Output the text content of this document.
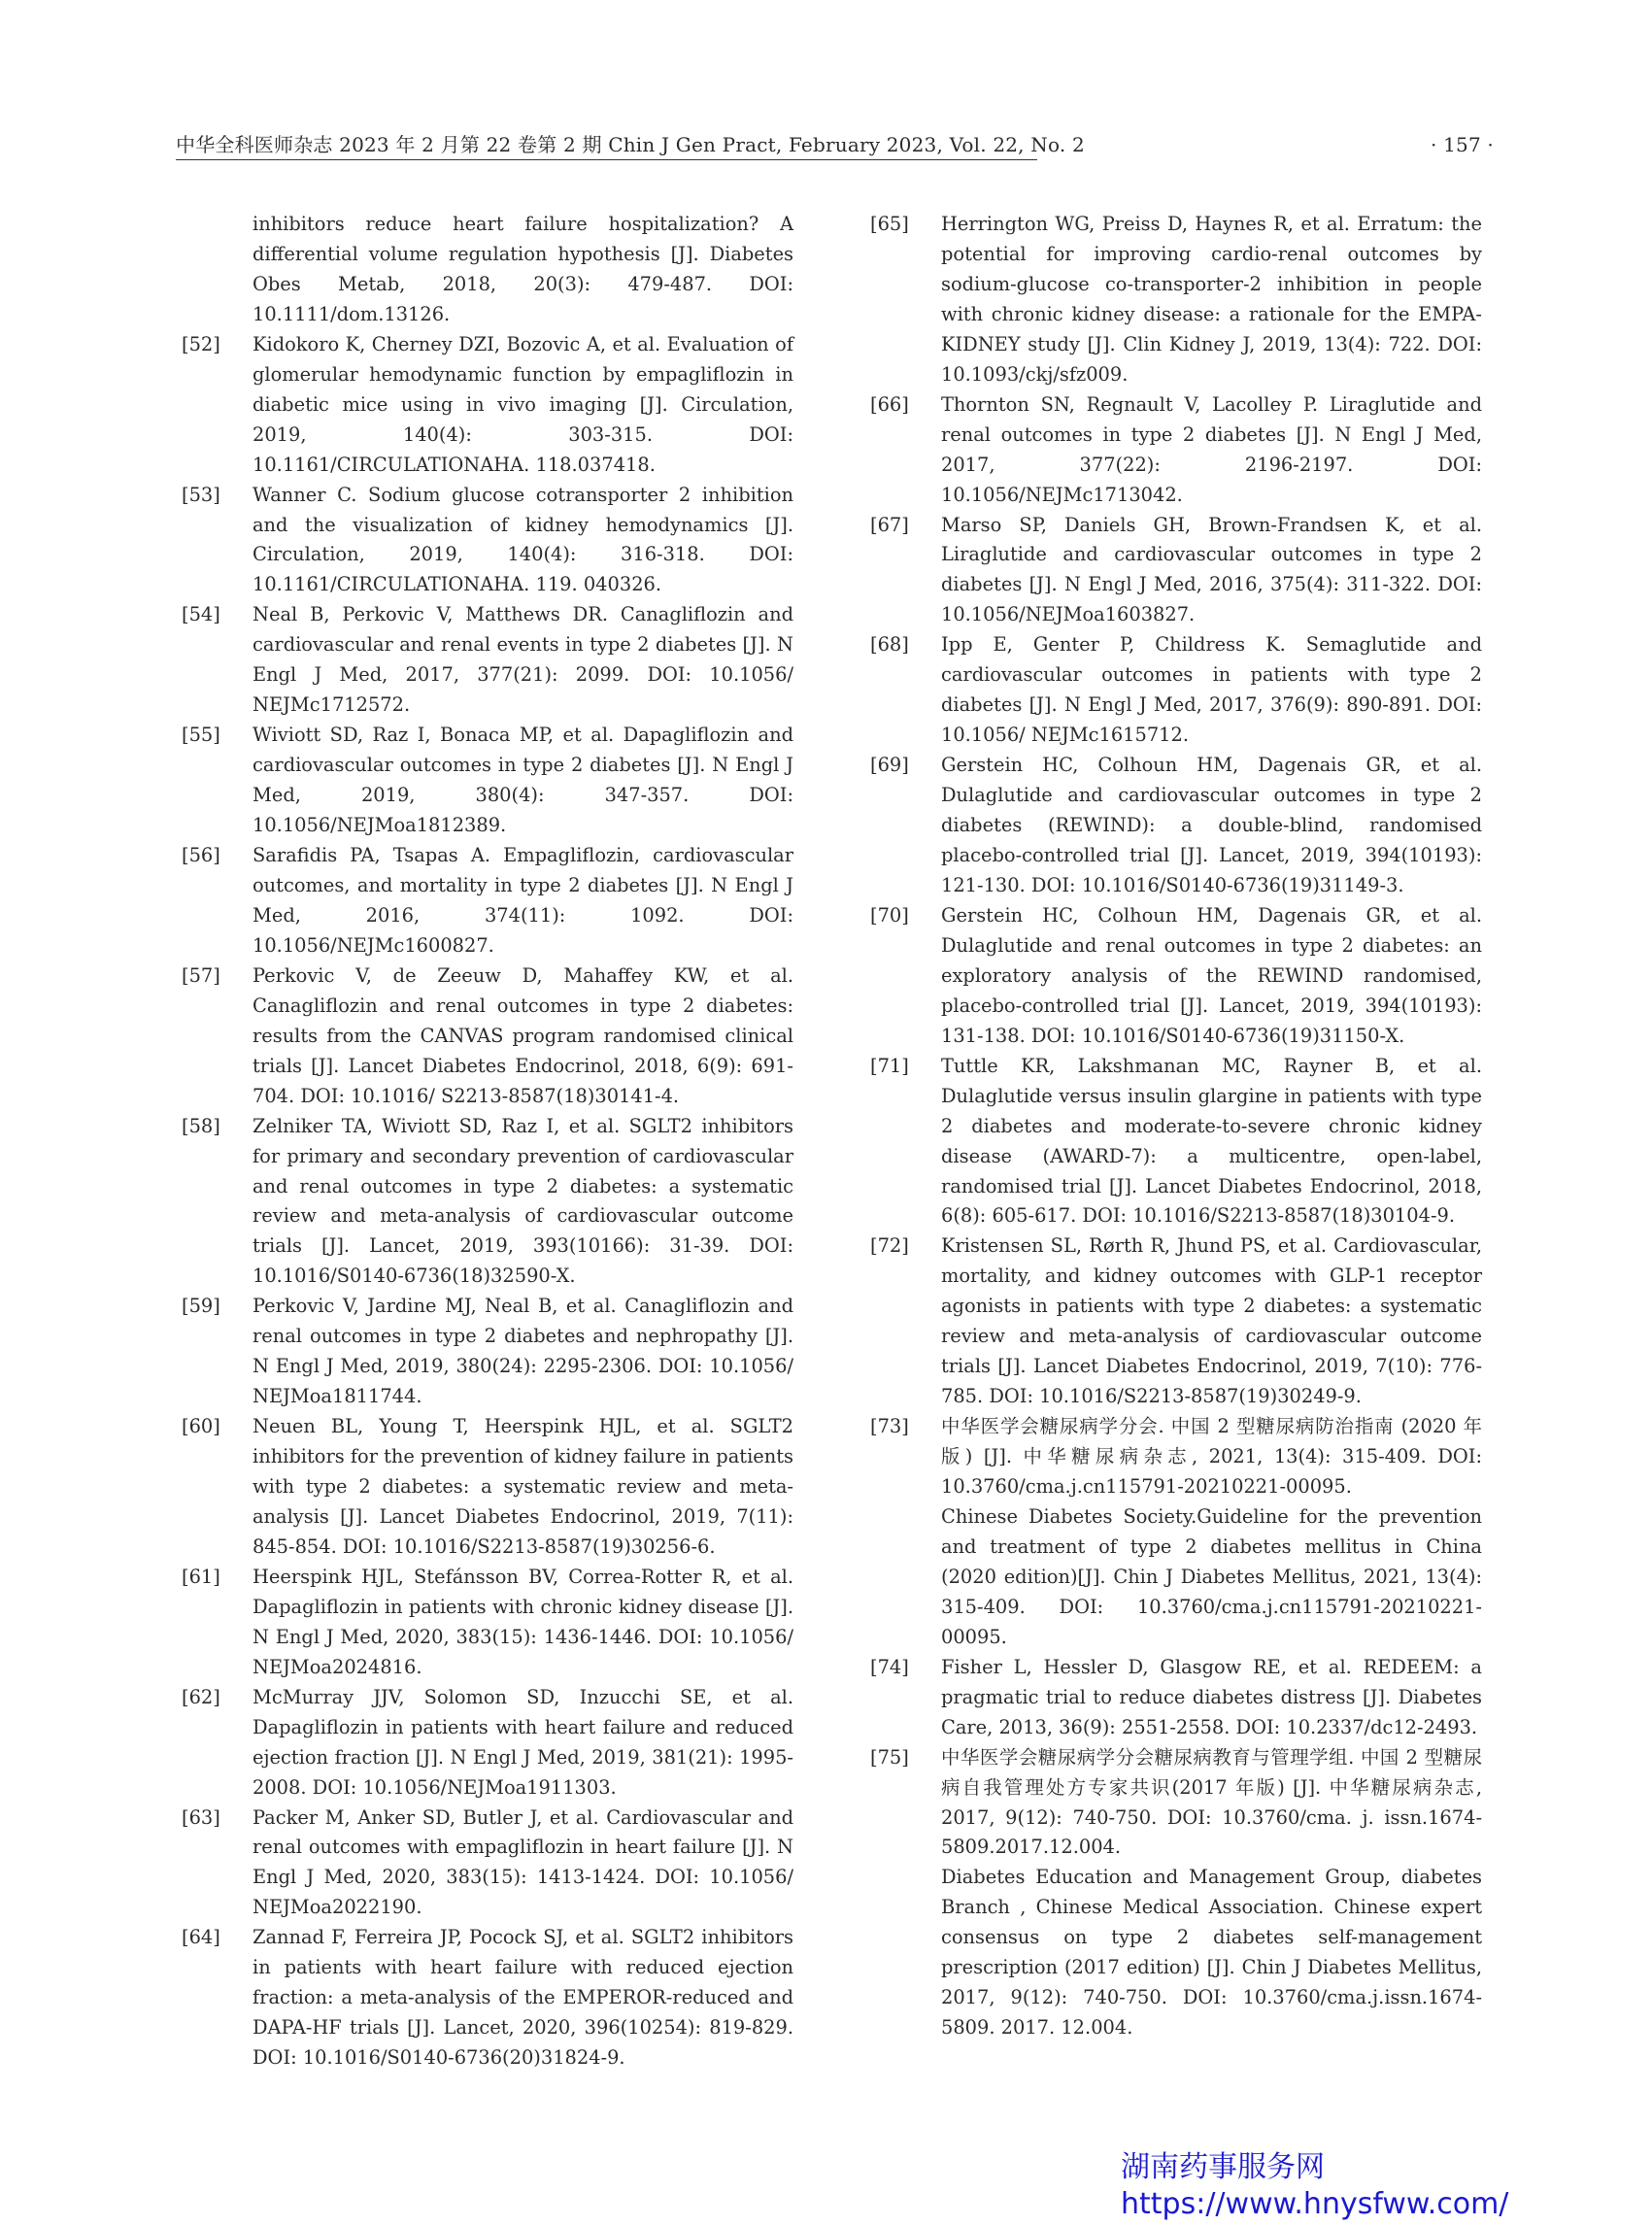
中华全科医师杂志 2023 年 2 月第 22 卷第 2 期 Chin J Gen Pract, February 2023, Vol. 22, No. 2	· 157 ·
inhibitors reduce heart failure hospitalization? A differential volume regulation hypothesis [J]. Diabetes Obes Metab, 2018, 20(3): 479-487. DOI: 10.1111/dom.13126.
[52] Kidokoro K, Cherney DZI, Bozovic A, et al. Evaluation of glomerular hemodynamic function by empagliflozin in diabetic mice using in vivo imaging [J]. Circulation, 2019, 140(4): 303-315. DOI: 10.1161/CIRCULATIONAHA. 118.037418.
[53] Wanner C. Sodium glucose cotransporter 2 inhibition and the visualization of kidney hemodynamics [J]. Circulation, 2019, 140(4): 316-318. DOI: 10.1161/CIRCULATIONAHA. 119. 040326.
[54] Neal B, Perkovic V, Matthews DR. Canagliflozin and cardiovascular and renal events in type 2 diabetes [J]. N Engl J Med, 2017, 377(21): 2099. DOI: 10.1056/ NEJMc1712572.
[55] Wiviott SD, Raz I, Bonaca MP, et al. Dapagliflozin and cardiovascular outcomes in type 2 diabetes [J]. N Engl J Med, 2019, 380(4): 347-357. DOI: 10.1056/NEJMoa1812389.
[56] Sarafidis PA, Tsapas A. Empagliflozin, cardiovascular outcomes, and mortality in type 2 diabetes [J]. N Engl J Med, 2016, 374(11): 1092. DOI: 10.1056/NEJMc1600827.
[57] Perkovic V, de Zeeuw D, Mahaffey KW, et al. Canagliflozin and renal outcomes in type 2 diabetes: results from the CANVAS program randomised clinical trials [J]. Lancet Diabetes Endocrinol, 2018, 6(9): 691-704. DOI: 10.1016/ S2213-8587(18)30141-4.
[58] Zelniker TA, Wiviott SD, Raz I, et al. SGLT2 inhibitors for primary and secondary prevention of cardiovascular and renal outcomes in type 2 diabetes: a systematic review and meta-analysis of cardiovascular outcome trials [J]. Lancet, 2019, 393(10166): 31-39. DOI: 10.1016/S0140-6736(18)32590-X.
[59] Perkovic V, Jardine MJ, Neal B, et al. Canagliflozin and renal outcomes in type 2 diabetes and nephropathy [J]. N Engl J Med, 2019, 380(24): 2295-2306. DOI: 10.1056/ NEJMoa1811744.
[60] Neuen BL, Young T, Heerspink HJL, et al. SGLT2 inhibitors for the prevention of kidney failure in patients with type 2 diabetes: a systematic review and meta-analysis [J]. Lancet Diabetes Endocrinol, 2019, 7(11): 845-854. DOI: 10.1016/S2213-8587(19)30256-6.
[61] Heerspink HJL, Stefánsson BV, Correa-Rotter R, et al. Dapagliflozin in patients with chronic kidney disease [J]. N Engl J Med, 2020, 383(15): 1436-1446. DOI: 10.1056/ NEJMoa2024816.
[62] McMurray JJV, Solomon SD, Inzucchi SE, et al. Dapagliflozin in patients with heart failure and reduced ejection fraction [J]. N Engl J Med, 2019, 381(21): 1995-2008. DOI: 10.1056/NEJMoa1911303.
[63] Packer M, Anker SD, Butler J, et al. Cardiovascular and renal outcomes with empagliflozin in heart failure [J]. N Engl J Med, 2020, 383(15): 1413-1424. DOI: 10.1056/ NEJMoa2022190.
[64] Zannad F, Ferreira JP, Pocock SJ, et al. SGLT2 inhibitors in patients with heart failure with reduced ejection fraction: a meta-analysis of the EMPEROR-reduced and DAPA-HF trials [J]. Lancet, 2020, 396(10254): 819-829. DOI: 10.1016/S0140-6736(20)31824-9.
[65] Herrington WG, Preiss D, Haynes R, et al. Erratum: the potential for improving cardio-renal outcomes by sodium-glucose co-transporter-2 inhibition in people with chronic kidney disease: a rationale for the EMPA-KIDNEY study [J]. Clin Kidney J, 2019, 13(4): 722. DOI: 10.1093/ckj/sfz009.
[66] Thornton SN, Regnault V, Lacolley P. Liraglutide and renal outcomes in type 2 diabetes [J]. N Engl J Med, 2017, 377(22): 2196-2197. DOI: 10.1056/NEJMc1713042.
[67] Marso SP, Daniels GH, Brown-Frandsen K, et al. Liraglutide and cardiovascular outcomes in type 2 diabetes [J]. N Engl J Med, 2016, 375(4): 311-322. DOI: 10.1056/NEJMoa1603827.
[68] Ipp E, Genter P, Childress K. Semaglutide and cardiovascular outcomes in patients with type 2 diabetes [J]. N Engl J Med, 2017, 376(9): 890-891. DOI: 10.1056/ NEJMc1615712.
[69] Gerstein HC, Colhoun HM, Dagenais GR, et al. Dulaglutide and cardiovascular outcomes in type 2 diabetes (REWIND): a double-blind, randomised placebo-controlled trial [J]. Lancet, 2019, 394(10193): 121-130. DOI: 10.1016/S0140-6736(19)31149-3.
[70] Gerstein HC, Colhoun HM, Dagenais GR, et al. Dulaglutide and renal outcomes in type 2 diabetes: an exploratory analysis of the REWIND randomised, placebo-controlled trial [J]. Lancet, 2019, 394(10193): 131-138. DOI: 10.1016/S0140-6736(19)31150-X.
[71] Tuttle KR, Lakshmanan MC, Rayner B, et al. Dulaglutide versus insulin glargine in patients with type 2 diabetes and moderate-to-severe chronic kidney disease (AWARD-7): a multicentre, open-label, randomised trial [J]. Lancet Diabetes Endocrinol, 2018, 6(8): 605-617. DOI: 10.1016/S2213-8587(18)30104-9.
[72] Kristensen SL, Rørth R, Jhund PS, et al. Cardiovascular, mortality, and kidney outcomes with GLP-1 receptor agonists in patients with type 2 diabetes: a systematic review and meta-analysis of cardiovascular outcome trials [J]. Lancet Diabetes Endocrinol, 2019, 7(10): 776-785. DOI: 10.1016/S2213-8587(19)30249-9.
[73] 中华医学会糖尿病学分会. 中国 2 型糖尿病防治指南 (2020 年版) [J]. 中华糖尿病杂志, 2021, 13(4): 315-409. DOI: 10.3760/cma.j.cn115791-20210221-00095.
Chinese Diabetes Society.Guideline for the prevention and treatment of type 2 diabetes mellitus in China (2020 edition)[J]. Chin J Diabetes Mellitus, 2021, 13(4): 315-409. DOI: 10.3760/cma.j.cn115791-20210221-00095.
[74] Fisher L, Hessler D, Glasgow RE, et al. REDEEM: a pragmatic trial to reduce diabetes distress [J]. Diabetes Care, 2013, 36(9): 2551-2558. DOI: 10.2337/dc12-2493.
[75] 中华医学会糖尿病学分会糖尿病教育与管理学组. 中国 2 型糖尿病自我管理处方专家共识(2017 年版) [J]. 中华糖尿病杂志, 2017, 9(12): 740-750. DOI: 10.3760/cma. j. issn.1674-5809.2017.12.004.
Diabetes Education and Management Group, diabetes Branch , Chinese Medical Association. Chinese expert consensus on type 2 diabetes self-management prescription (2017 edition) [J]. Chin J Diabetes Mellitus, 2017, 9(12): 740-750. DOI: 10.3760/cma.j.issn.1674-5809. 2017. 12.004.
湖南药事服务网
https://www.hnysfww.com/
